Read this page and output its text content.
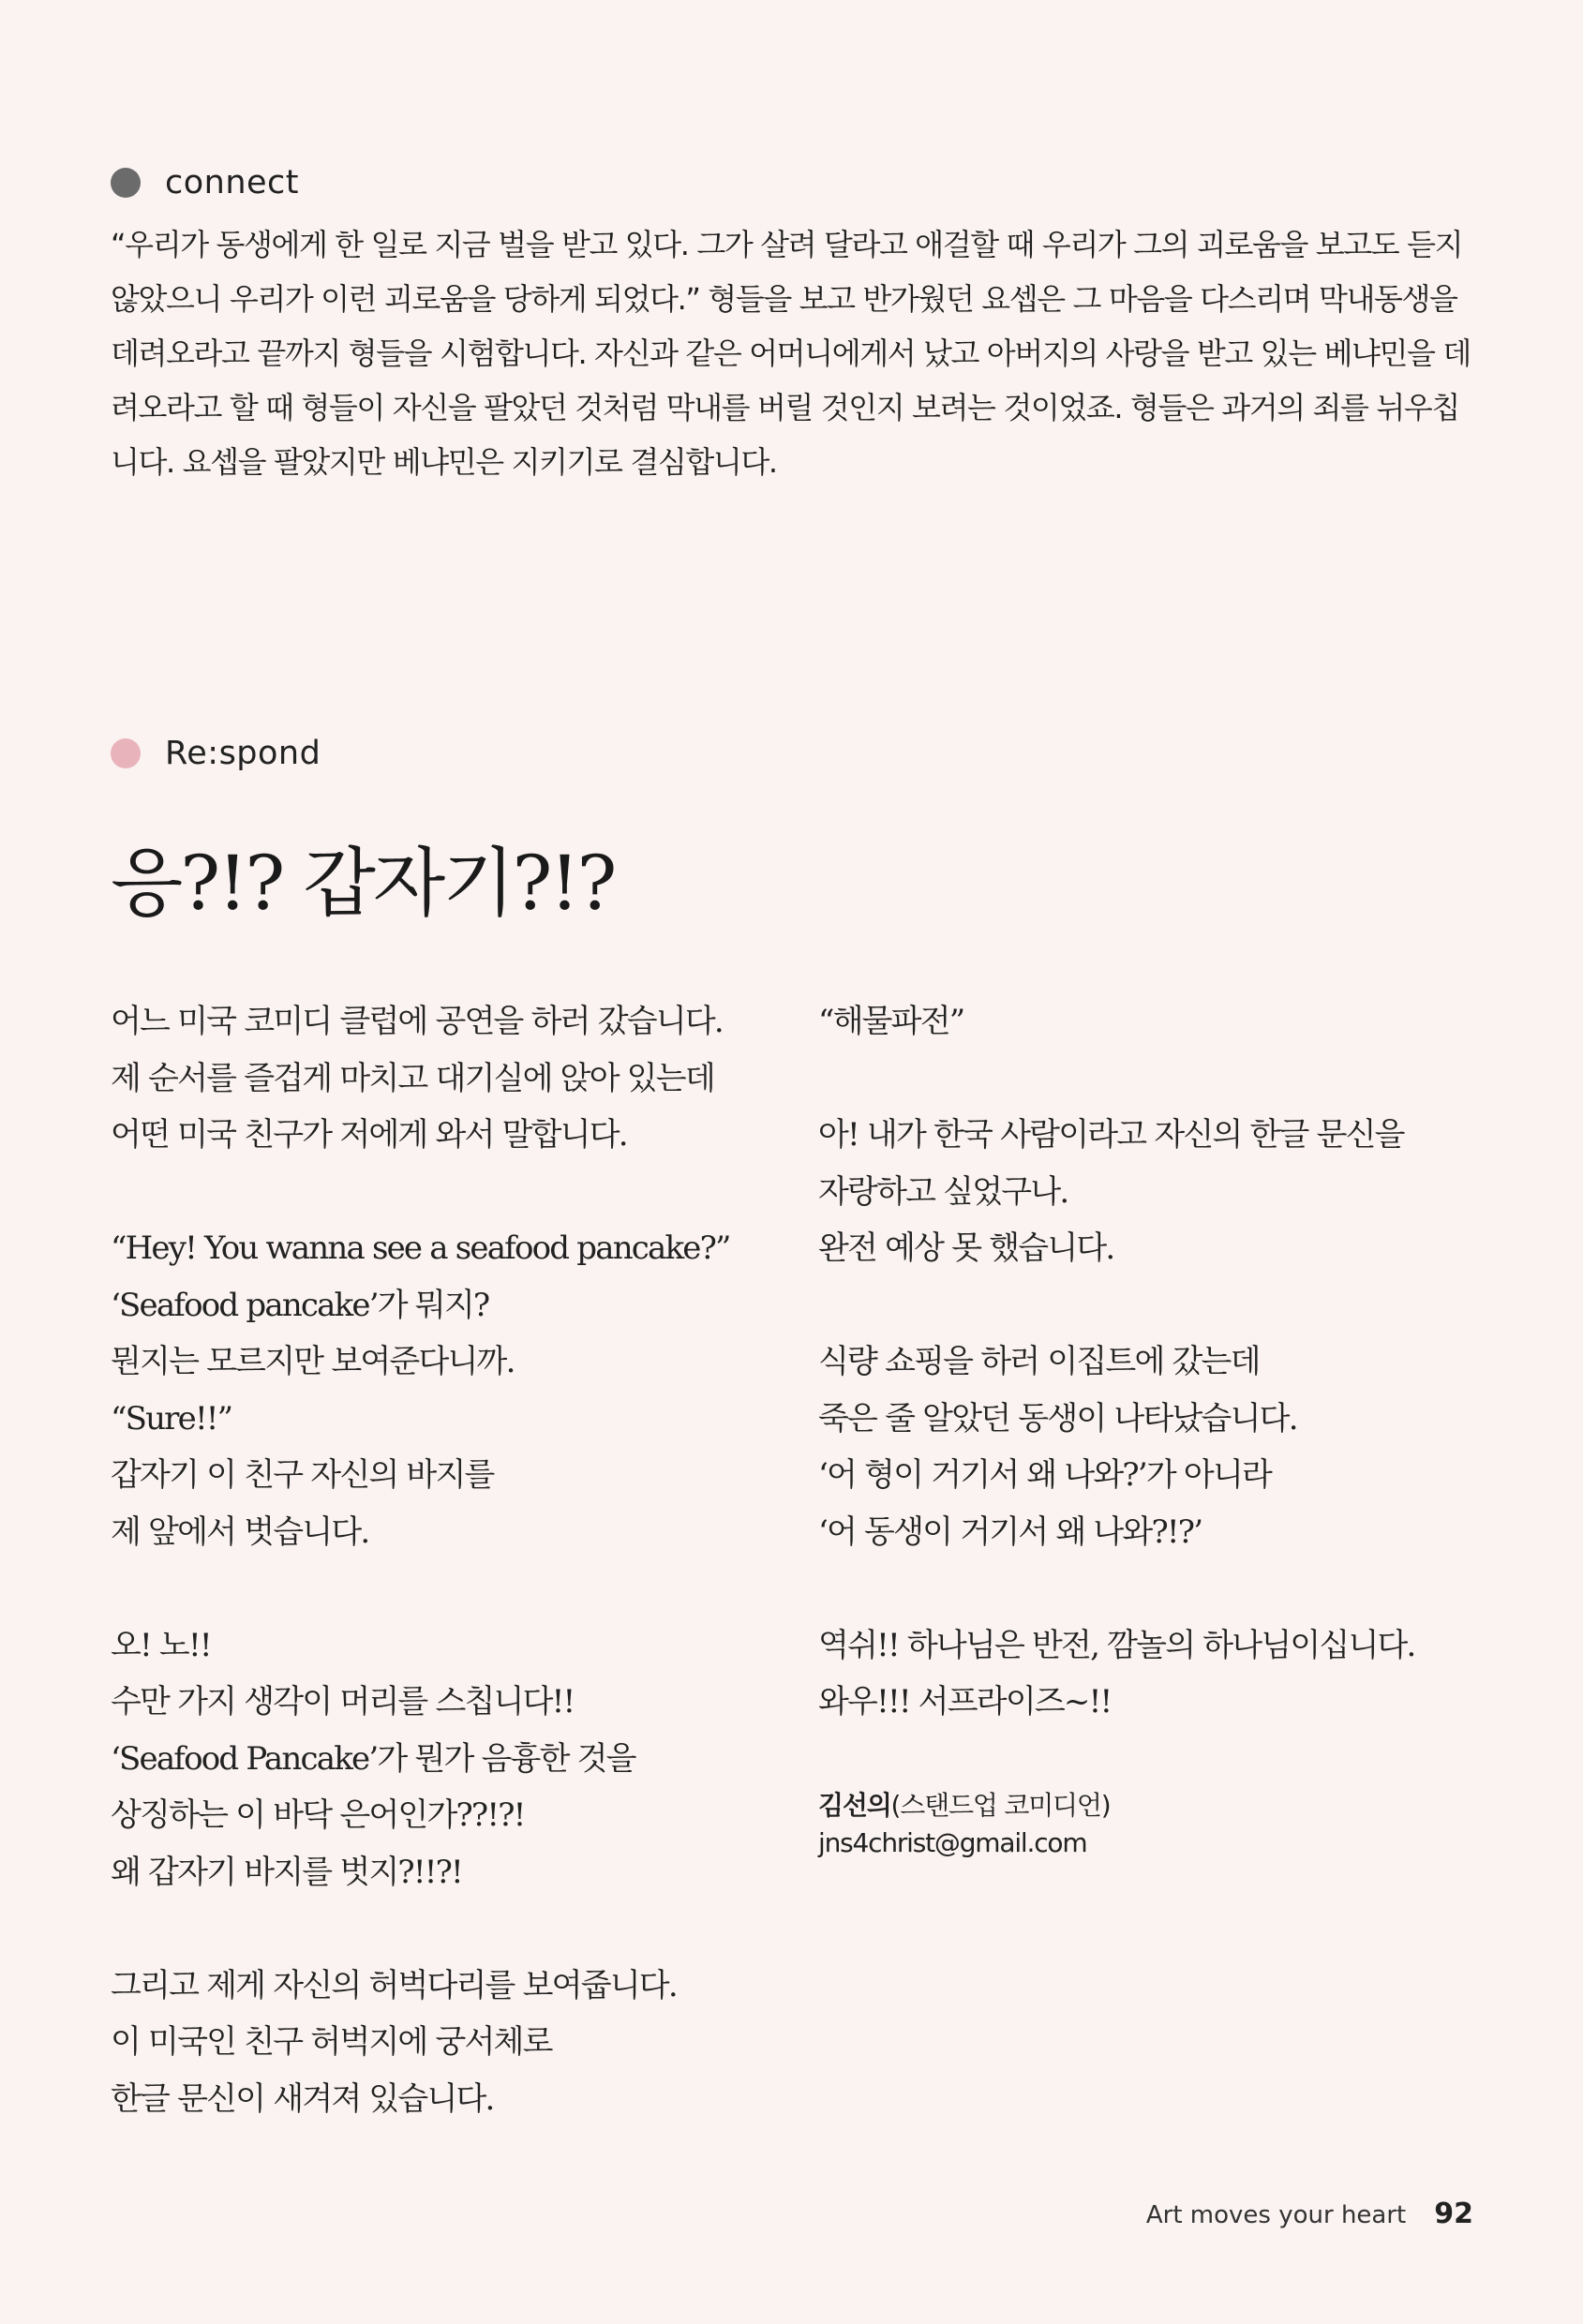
connect

“우리가 동생에게 한 일로 지금 벌을 받고 있다. 그가 살려 달라고 애걸할 때 우리가 그의 괴로움을 보고도 듣지 않았으니 우리가 이런 괴로움을 당하게 되었다.” 형들을 보고 반가웠던 요셉은 그 마음을 다스리며 막내동생을 데려오라고 끝까지 형들을 시험합니다. 자신과 같은 어머니에게서 났고 아버지의 사랑을 받고 있는 베냐민을 데려오라고 할 때 형들이 자신을 팔았던 것처럼 막내를 버릴 것인지 보려는 것이었죠. 형들은 과거의 죄를 뉘우칩니다. 요셉을 팔았지만 베냐민은 지키기로 결심합니다.

Re:spond
응?!? 갑자기?!?
어느 미국 코미디 클럽에 공연을 하러 갔습니다.
제 순서를 즐겁게 마치고 대기실에 앉아 있는데
어떤 미국 친구가 저에게 와서 말합니다.
“Hey! You wanna see a seafood pancake?”
‘Seafood pancake’가 뭐지?
뭔지는 모르지만 보여준다니까.
“Sure!!”
갑자기 이 친구 자신의 바지를
제 앞에서 벗습니다.
오! 노!!
수만 가지 생각이 머리를 스칩니다!!
‘Seafood Pancake’가 뭔가 음흉한 것을
상징하는 이 바닥 은어인가??!?!
왜 갑자기 바지를 벗지?!!?!
그리고 제게 자신의 허벅다리를 보여줍니다.
이 미국인 친구 허벅지에 궁서체로
한글 문신이 새겨져 있습니다.
“해물파전”
아! 내가 한국 사람이라고 자신의 한글 문신을
자랑하고 싶었구나.
완전 예상 못 했습니다.
식량 쇼핑을 하러 이집트에 갔는데
죽은 줄 알았던 동생이 나타났습니다.
‘어 형이 거기서 왜 나와?’가 아니라
‘어 동생이 거기서 왜 나와?!?’
역쉬!! 하나님은 반전, 깜놀의 하나님이십니다.
와우!!! 서프라이즈~!!
김선의(스탠드업 코미디언)
jns4christ@gmail.com
Art moves your heart 92
